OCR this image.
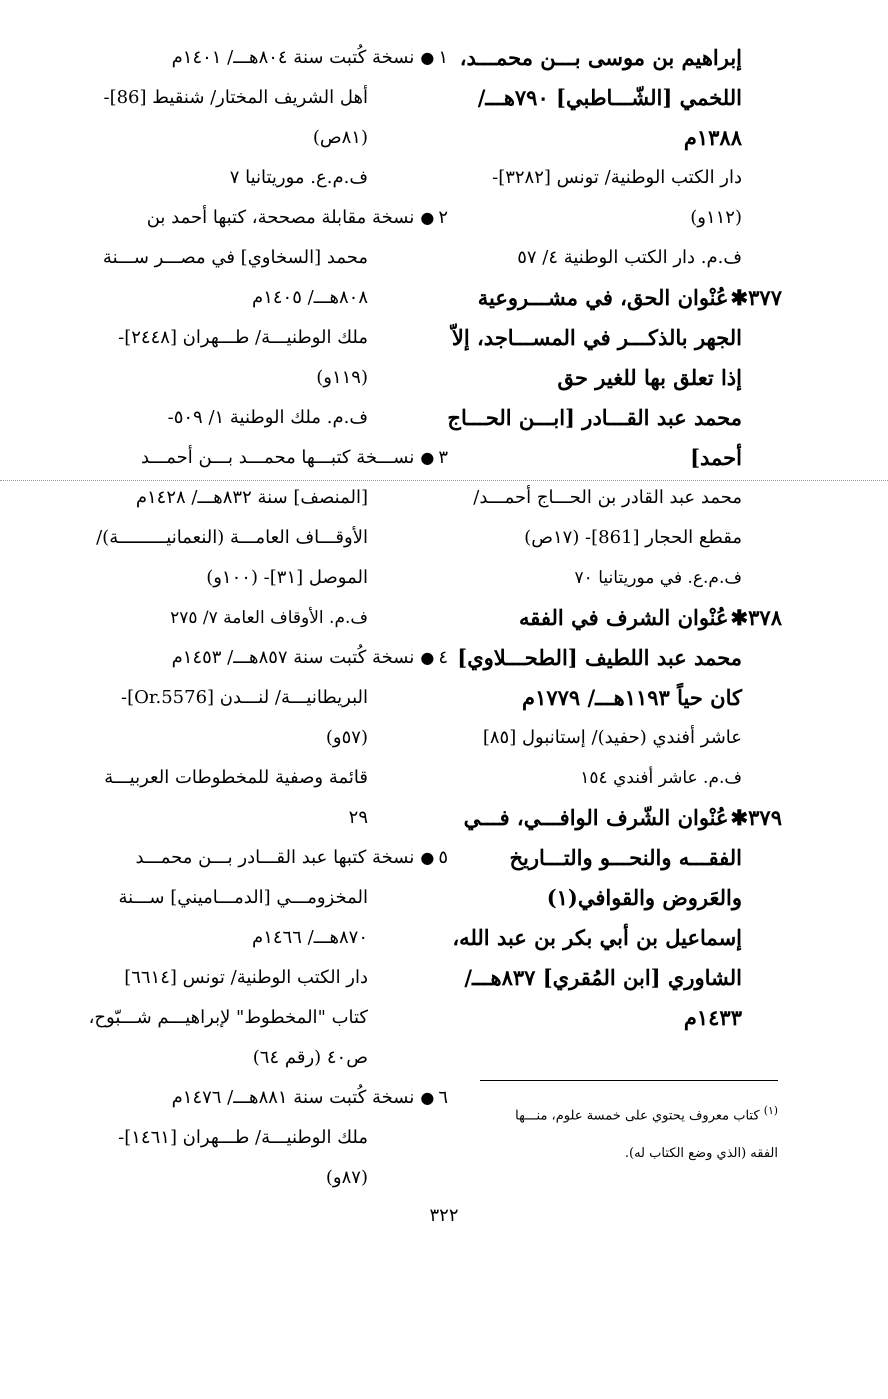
إبراهيم بن موسى بـــن محمـــد،
اللخمي [الشّـــاطبي] ٧٩٠هـــ/
١٣٨٨م
دار الكتب الوطنية/ تونس [٣٢٨٢]-
(١١٢و)
ف.م. دار الكتب الوطنية ٤/ ٥٧
٣٧٧✱عُنْوان الحق، في مشـــروعية
الجهر بالذكـــر في المســـاجد، إلاّ
إذا تعلق بها للغير حق
محمد عبد القـــادر [ابـــن الحـــاج
أحمد]
محمد عبد القادر بن الحـــاج أحمـــد/
مقطع الحجار [861]- (١٧ص)
ف.م.ع. في موريتانيا ٧٠
٣٧٨✱عُنْوان الشرف في الفقه
محمد عبد اللطيف [الطحـــلاوي]
كان حياً ١١٩٣هـــ/ ١٧٧٩م
عاشر أفندي (حفيد)/ إستانبول [٨٥]
ف.م. عاشر أفندي ١٥٤
٣٧٩✱عُنْوان الشّرف الوافـــي، فـــي
الفقـــه والنحـــو والتـــاريخ
والعَروض والقوافي(١)
إسماعيل بن أبي بكر بن عبد الله،
الشاوري [ابن المُقري] ٨٣٧هـــ/
١٤٣٣م
١●نسخة كُتبت سنة ٨٠٤هـــ/ ١٤٠١م
أهل الشريف المختار/ شنقيط [86]-
(٨١ص)
ف.م.ع. موريتانيا ٧
٢●نسخة مقابلة مصححة، كتبها أحمد بن
محمد [السخاوي] في مصـــر ســـنة
٨٠٨هـــ/ ١٤٠٥م
ملك الوطنيـــة/ طـــهران [٢٤٤٨]-
(١١٩و)
ف.م. ملك الوطنية ١/ ٥٠٩-
٣●نســـخة كتبـــها محمـــد بـــن أحمـــد
[المنصف] سنة ٨٣٢هـــ/ ١٤٢٨م
الأوقـــاف العامـــة (النعمانيـــــــــة)/
الموصل [٣١]- (١٠٠و)
ف.م. الأوقاف العامة ٧/ ٢٧٥
٤●نسخة كُتبت سنة ٨٥٧هـــ/ ١٤٥٣م
البريطانيـــة/ لنـــدن [Or.5576]-
(٥٧و)
قائمة وصفية للمخطوطات العربيـــة
٢٩
٥●نسخة كتبها عبد القـــادر بـــن محمـــد
المخزومـــي [الدمـــاميني] ســـنة
٨٧٠هـــ/ ١٤٦٦م
دار الكتب الوطنية/ تونس [٦٦١٤]
كتاب "المخطوط" لإبراهيـــم شـــبّوح،
ص٤٠ (رقم ٦٤)
٦●نسخة كُتبت سنة ٨٨١هـــ/ ١٤٧٦م
ملك الوطنيـــة/ طـــهران [١٤٦١]-
(٨٧و)
$^{(١)}$ كتاب معروف يحتوي على خمسة علوم، منـــها
الفقه (الذي وضع الكتاب له).
٣٢٢
